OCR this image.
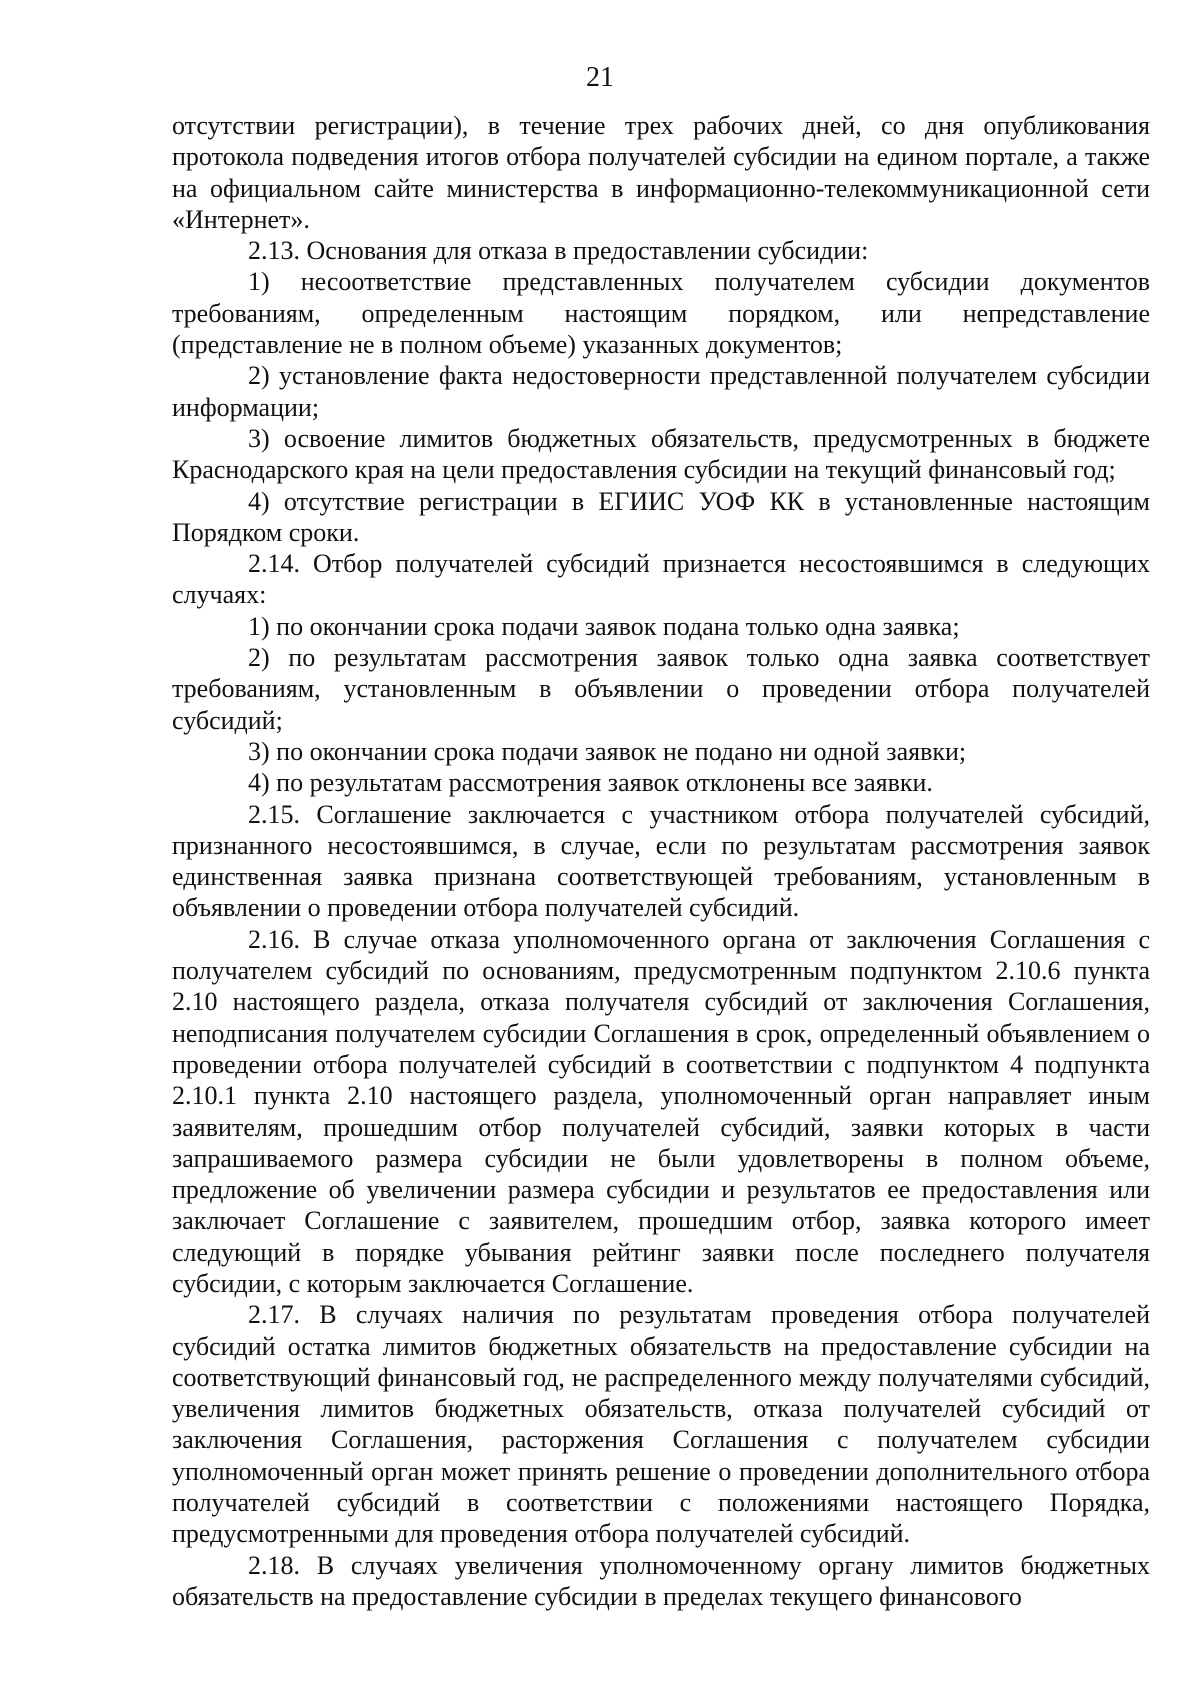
21

отсутствии регистрации), в течение трех рабочих дней, со дня опубликования протокола подведения итогов отбора получателей субсидии на едином портале, а также на официальном сайте министерства в информационно-телекоммуникационной сети «Интернет».

2.13. Основания для отказа в предоставлении субсидии:

1) несоответствие представленных получателем субсидии документов требованиям, определенным настоящим порядком, или непредставление (представление не в полном объеме) указанных документов;

2) установление факта недостоверности представленной получателем субсидии информации;

3) освоение лимитов бюджетных обязательств, предусмотренных в бюджете Краснодарского края на цели предоставления субсидии на текущий финансовый год;

4) отсутствие регистрации в ЕГИИС УОФ КК в установленные настоящим Порядком сроки.

2.14. Отбор получателей субсидий признается несостоявшимся в следующих случаях:

1) по окончании срока подачи заявок подана только одна заявка;

2) по результатам рассмотрения заявок только одна заявка соответствует требованиям, установленным в объявлении о проведении отбора получателей субсидий;

3) по окончании срока подачи заявок не подано ни одной заявки;

4) по результатам рассмотрения заявок отклонены все заявки.

2.15. Соглашение заключается с участником отбора получателей субсидий, признанного несостоявшимся, в случае, если по результатам рассмотрения заявок единственная заявка признана соответствующей требованиям, установленным в объявлении о проведении отбора получателей субсидий.

2.16. В случае отказа уполномоченного органа от заключения Соглашения с получателем субсидий по основаниям, предусмотренным подпунктом 2.10.6 пункта 2.10 настоящего раздела, отказа получателя субсидий от заключения Соглашения, неподписания получателем субсидии Соглашения в срок, определенный объявлением о проведении отбора получателей субсидий в соответствии с подпунктом 4 подпункта 2.10.1 пункта 2.10 настоящего раздела, уполномоченный орган направляет иным заявителям, прошедшим отбор получателей субсидий, заявки которых в части запрашиваемого размера субсидии не были удовлетворены в полном объеме, предложение об увеличении размера субсидии и результатов ее предоставления или заключает Соглашение с заявителем, прошедшим отбор, заявка которого имеет следующий в порядке убывания рейтинг заявки после последнего получателя субсидии, с которым заключается Соглашение.

2.17. В случаях наличия по результатам проведения отбора получателей субсидий остатка лимитов бюджетных обязательств на предоставление субсидии на соответствующий финансовый год, не распределенного между получателями субсидий, увеличения лимитов бюджетных обязательств, отказа получателей субсидий от заключения Соглашения, расторжения Соглашения с получателем субсидии уполномоченный орган может принять решение о проведении дополнительного отбора получателей субсидий в соответствии с положениями настоящего Порядка, предусмотренными для проведения отбора получателей субсидий.

2.18. В случаях увеличения уполномоченному органу лимитов бюджетных обязательств на предоставление субсидии в пределах текущего финансового
